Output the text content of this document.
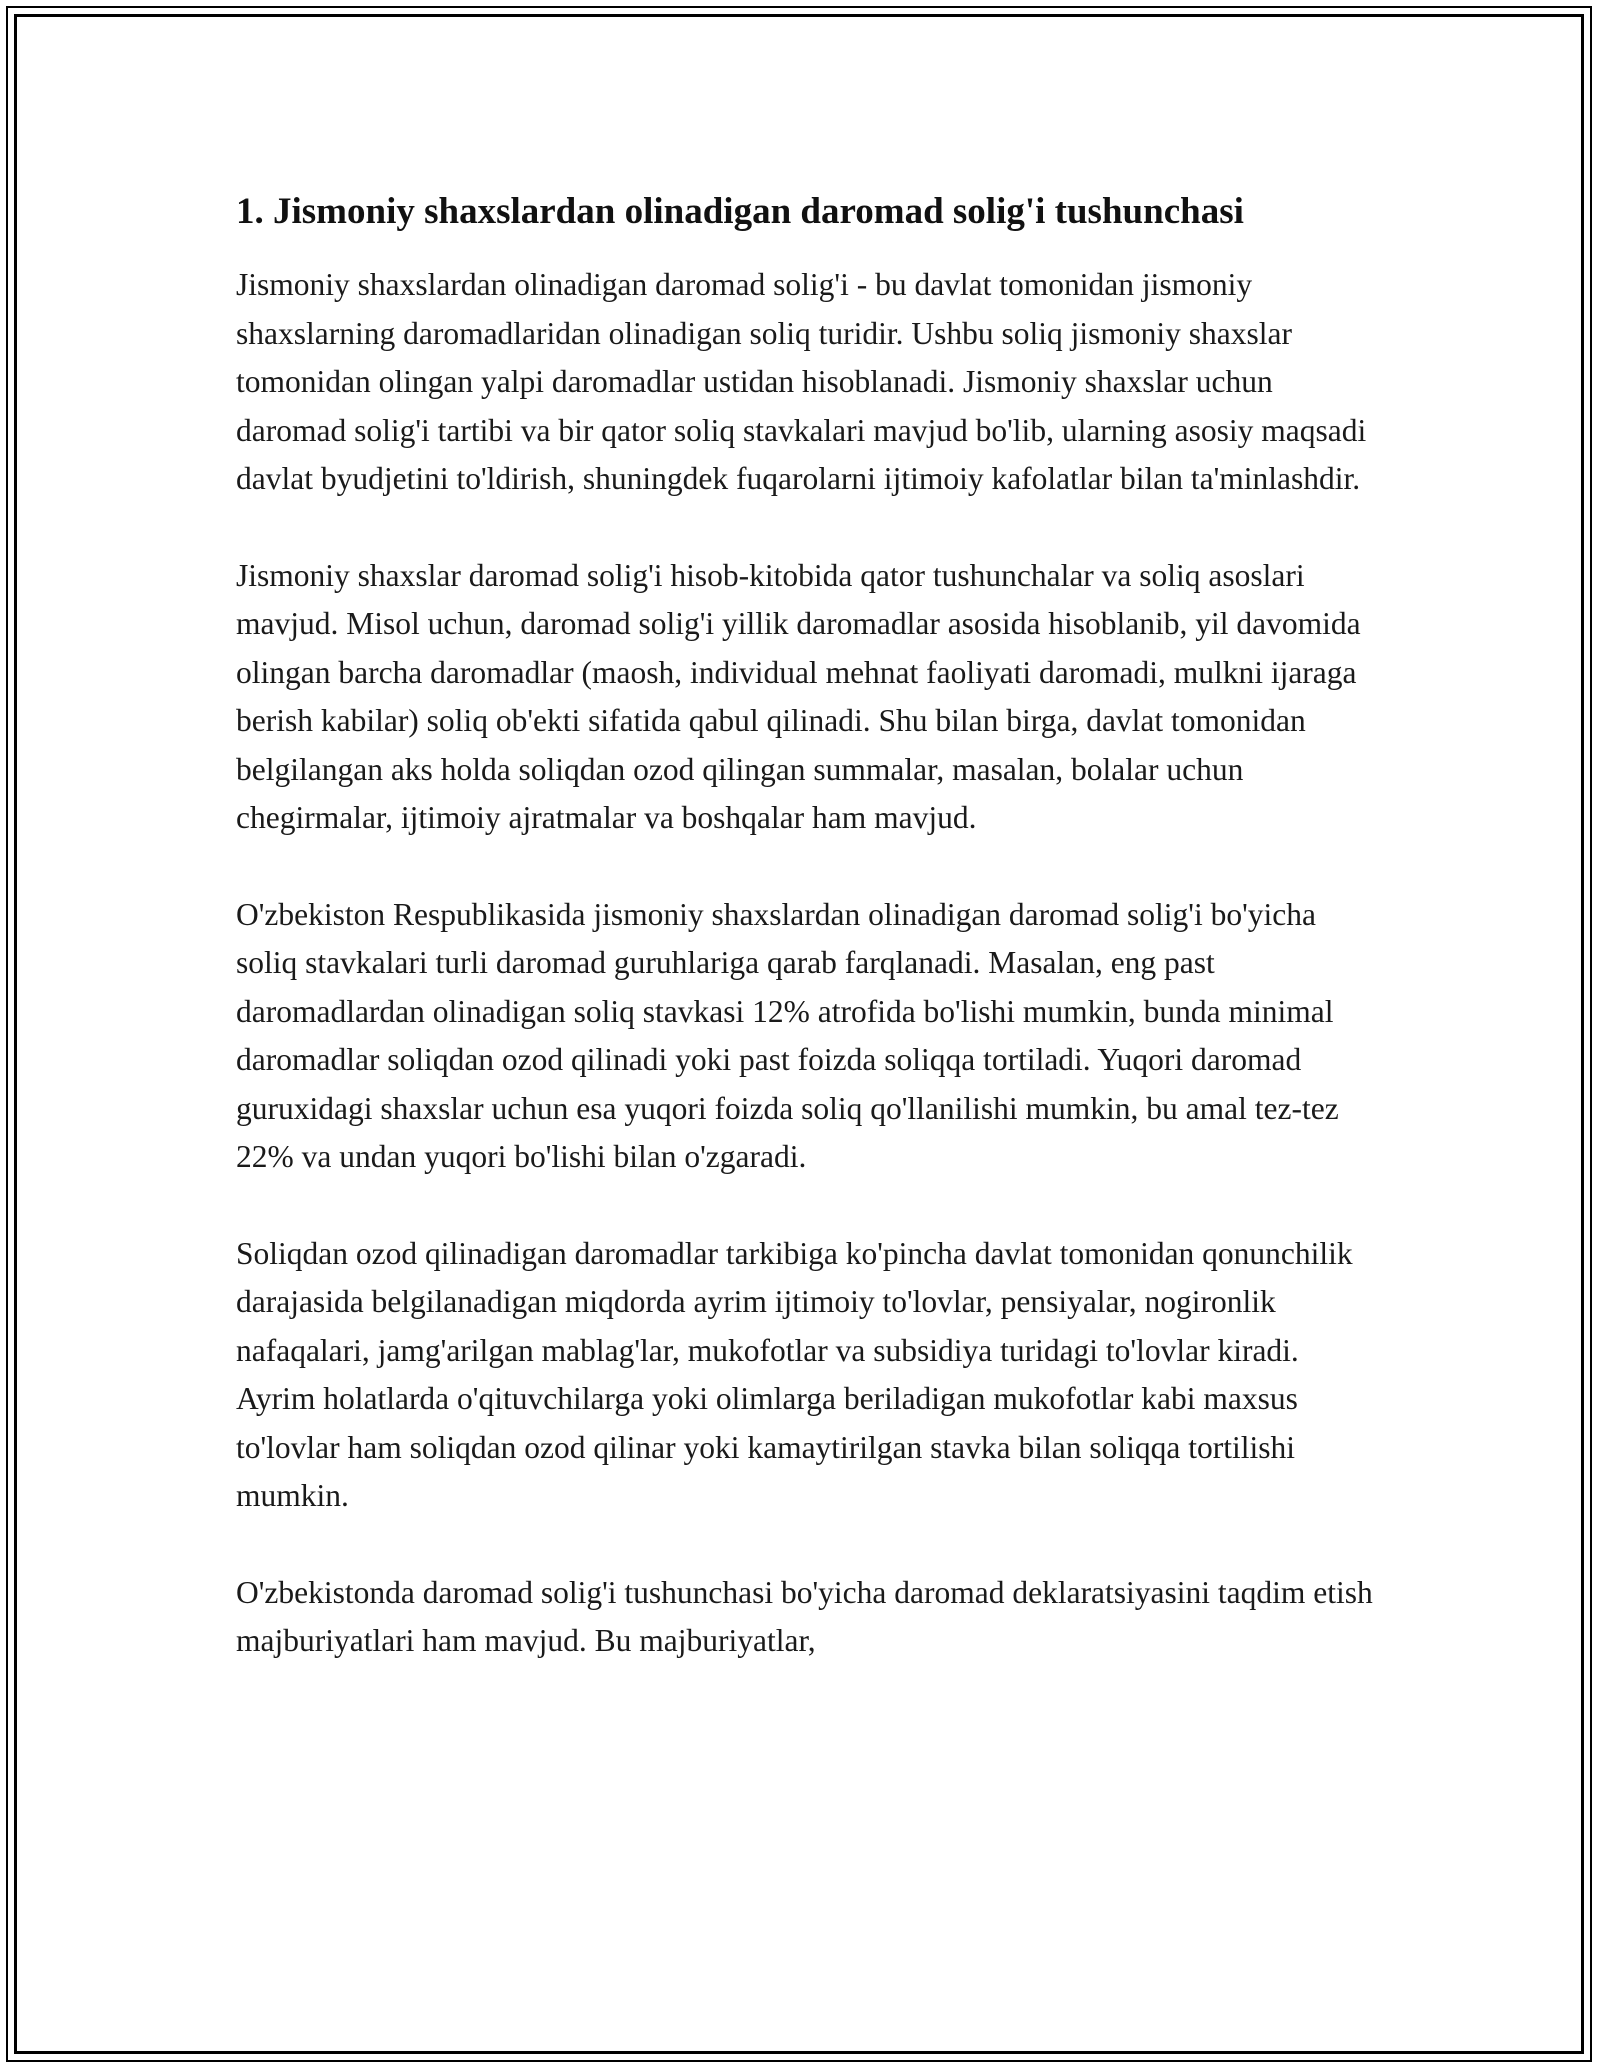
1. Jismoniy shaxslardan olinadigan daromad solig'i tushunchasi

Jismoniy shaxslardan olinadigan daromad solig'i - bu davlat tomonidan jismoniy shaxslarning daromadlaridan olinadigan soliq turidir. Ushbu soliq jismoniy shaxslar tomonidan olingan yalpi daromadlar ustidan hisoblanadi. Jismoniy shaxslar uchun daromad solig'i tartibi va bir qator soliq stavkalari mavjud bo'lib, ularning asosiy maqsadi davlat byudjetini to'ldirish, shuningdek fuqarolarni ijtimoiy kafolatlar bilan ta'minlashdir.

Jismoniy shaxslar daromad solig'i hisob-kitobida qator tushunchalar va soliq asoslari mavjud. Misol uchun, daromad solig'i yillik daromadlar asosida hisoblanib, yil davomida olingan barcha daromadlar (maosh, individual mehnat faoliyati daromadi, mulkni ijaraga berish kabilar) soliq ob'ekti sifatida qabul qilinadi. Shu bilan birga, davlat tomonidan belgilangan aks holda soliqdan ozod qilingan summalar, masalan, bolalar uchun chegirmalar, ijtimoiy ajratmalar va boshqalar ham mavjud.

O'zbekiston Respublikasida jismoniy shaxslardan olinadigan daromad solig'i bo'yicha soliq stavkalari turli daromad guruhlariga qarab farqlanadi. Masalan, eng past daromadlardan olinadigan soliq stavkasi 12% atrofida bo'lishi mumkin, bunda minimal daromadlar soliqdan ozod qilinadi yoki past foizda soliqqa tortiladi. Yuqori daromad guruxidagi shaxslar uchun esa yuqori foizda soliq qo'llanilishi mumkin, bu amal tez-tez 22% va undan yuqori bo'lishi bilan o'zgaradi.

Soliqdan ozod qilinadigan daromadlar tarkibiga ko'pincha davlat tomonidan qonunchilik darajasida belgilanadigan miqdorda ayrim ijtimoiy to'lovlar, pensiyalar, nogironlik nafaqalari, jamg'arilgan mablag'lar, mukofotlar va subsidiya turidagi to'lovlar kiradi. Ayrim holatlarda o'qituvchilarga yoki olimlarga beriladigan mukofotlar kabi maxsus to'lovlar ham soliqdan ozod qilinar yoki kamaytirilgan stavka bilan soliqqa tortilishi mumkin.

O'zbekistonda daromad solig'i tushunchasi bo'yicha daromad deklaratsiyasini taqdim etish majburiyatlari ham mavjud. Bu majburiyatlar,
